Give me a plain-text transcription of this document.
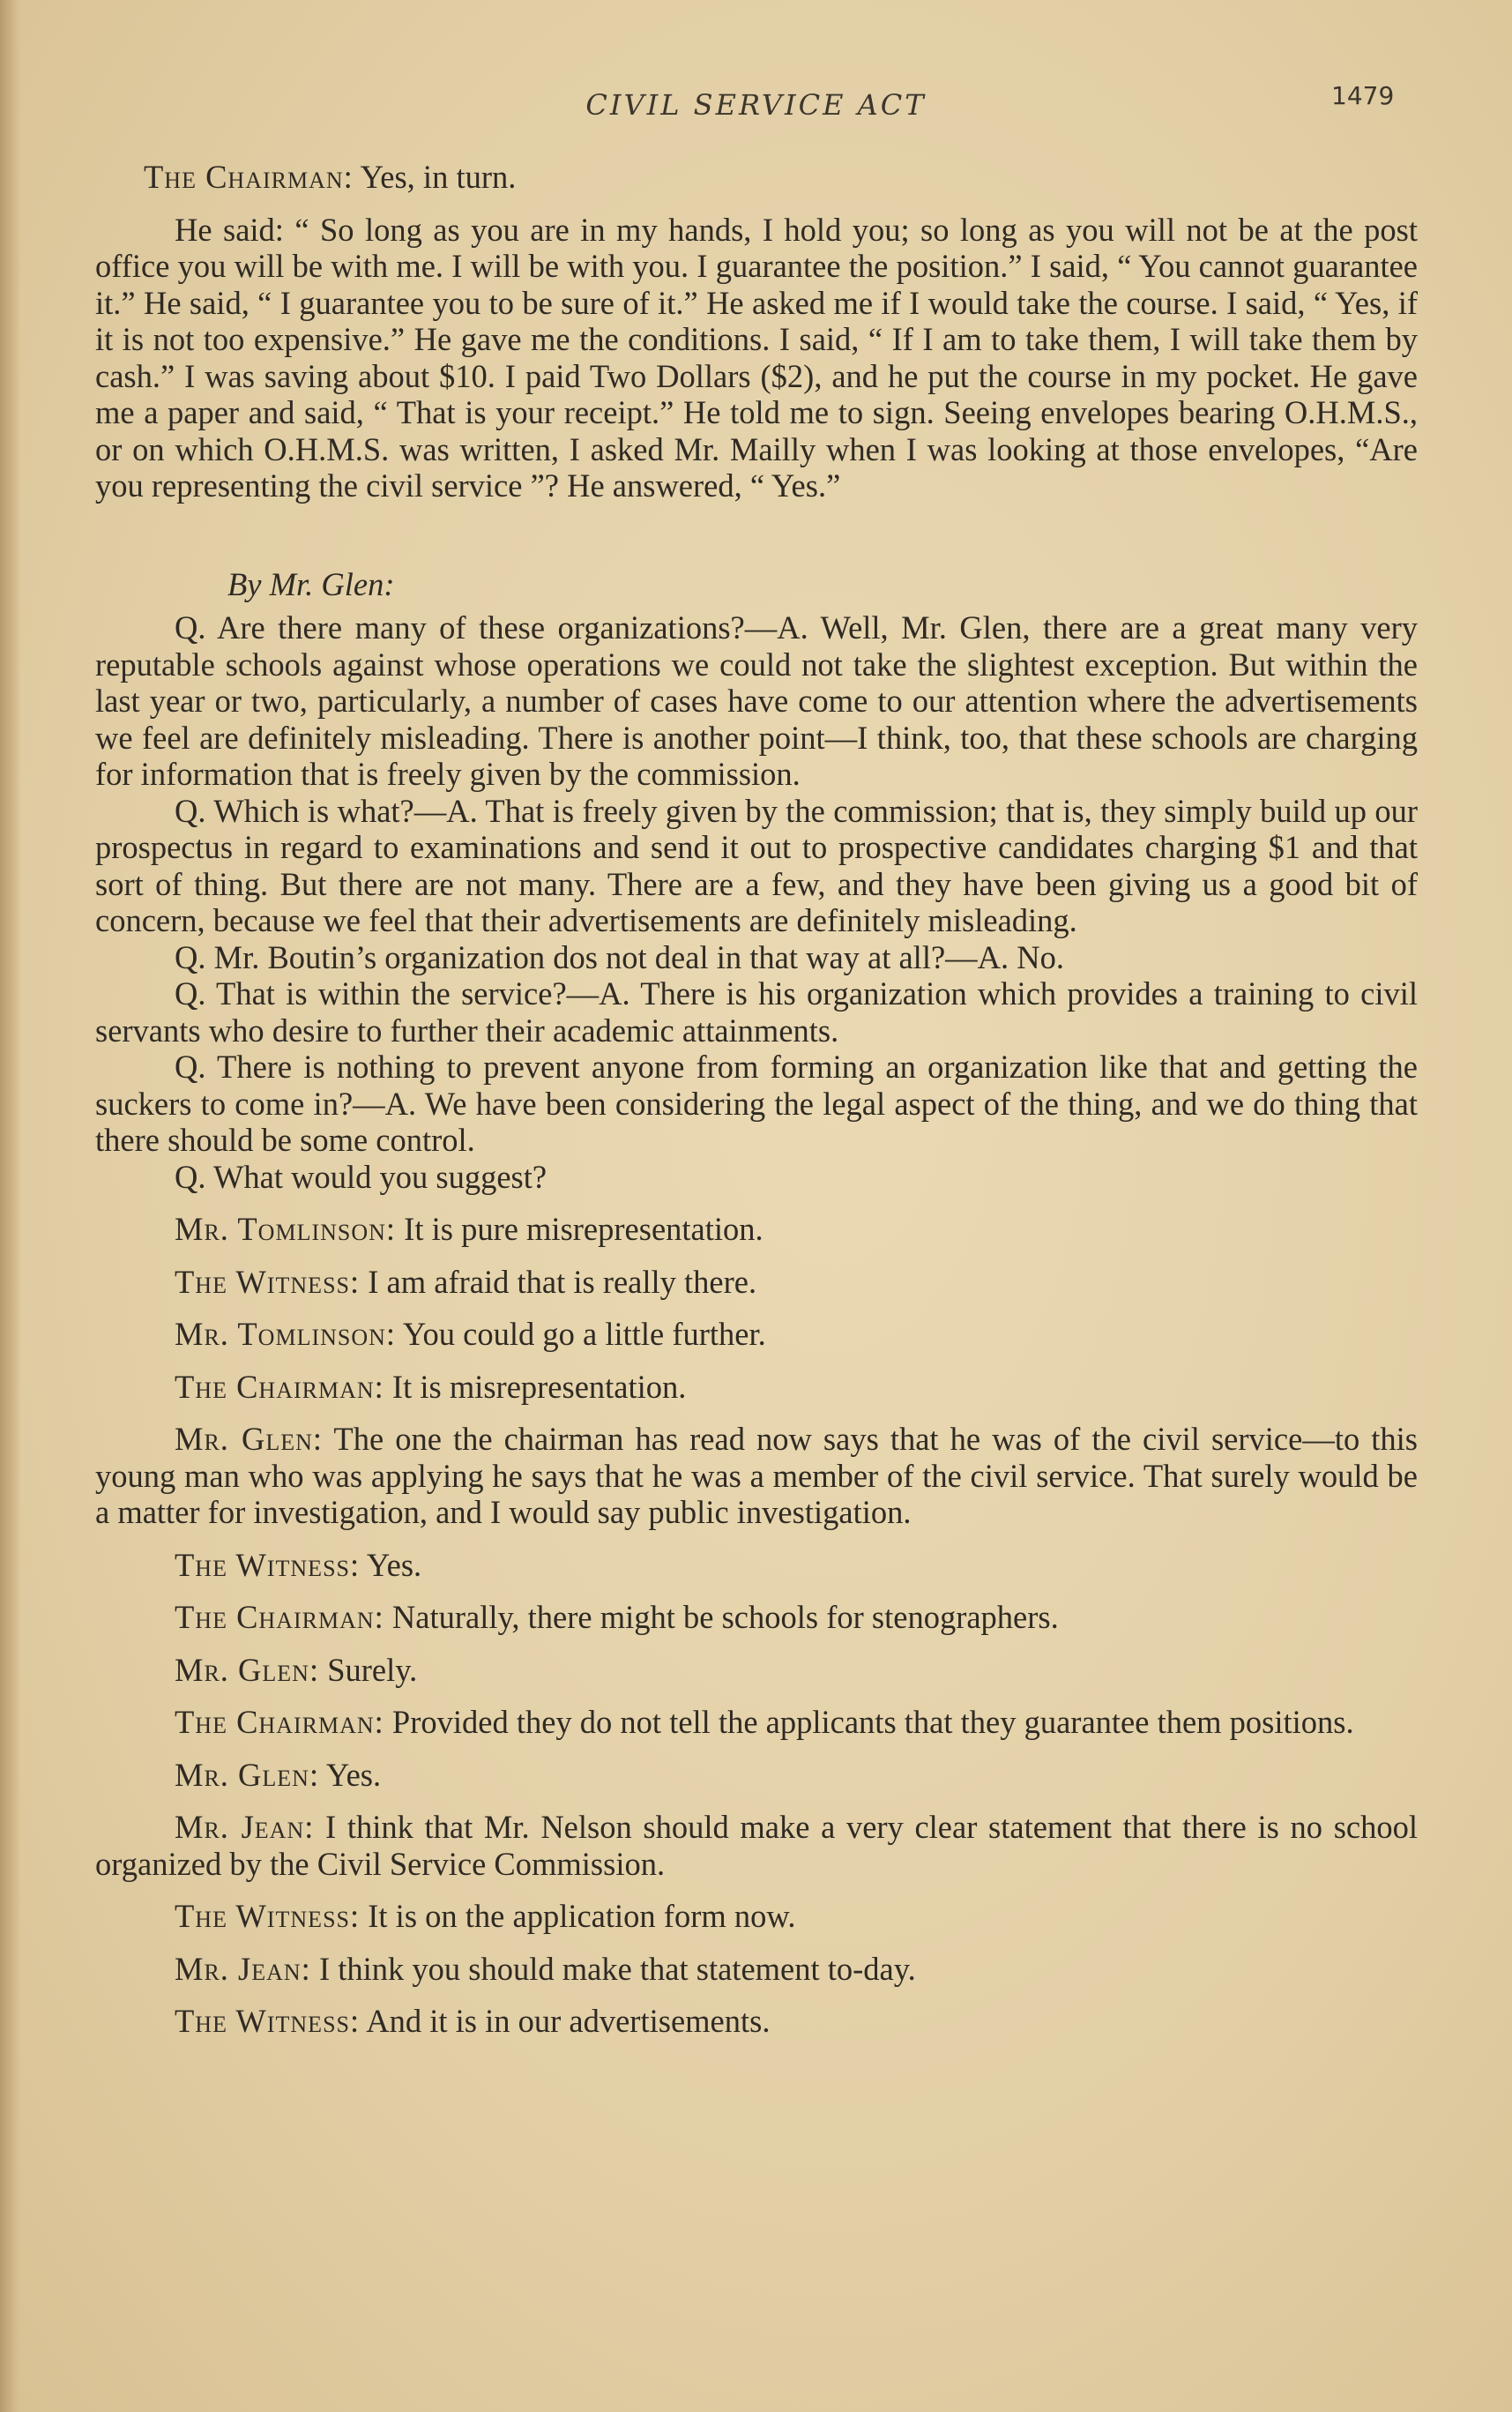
CIVIL SERVICE ACT	1479

The Chairman: Yes, in turn.

He said: “ So long as you are in my hands, I hold you; so long as you will not be at the post office you will be with me. I will be with you. I guarantee the position.” I said, “ You cannot guarantee it.” He said, “ I guarantee you to be sure of it.” He asked me if I would take the course. I said, “ Yes, if it is not too expensive.” He gave me the conditions. I said, “ If I am to take them, I will take them by cash.” I was saving about $10. I paid Two Dollars ($2), and he put the course in my pocket. He gave me a paper and said, “ That is your receipt.” He told me to sign. Seeing envelopes bearing O.H.M.S., or on which O.H.M.S. was written, I asked Mr. Mailly when I was looking at those envelopes, “Are you representing the civil service ”? He answered, “ Yes.”

By Mr. Glen:

Q. Are there many of these organizations?—A. Well, Mr. Glen, there are a great many very reputable schools against whose operations we could not take the slightest exception. But within the last year or two, particularly, a number of cases have come to our attention where the advertisements we feel are definitely misleading. There is another point—I think, too, that these schools are charging for information that is freely given by the commission.

Q. Which is what?—A. That is freely given by the commission; that is, they simply build up our prospectus in regard to examinations and send it out to prospective candidates charging $1 and that sort of thing. But there are not many. There are a few, and they have been giving us a good bit of concern, because we feel that their advertisements are definitely misleading.

Q. Mr. Boutin’s organization dos not deal in that way at all?—A. No.

Q. That is within the service?—A. There is his organization which provides a training to civil servants who desire to further their academic attainments.

Q. There is nothing to prevent anyone from forming an organization like that and getting the suckers to come in?—A. We have been considering the legal aspect of the thing, and we do thing that there should be some control.

Q. What would you suggest?

Mr. Tomlinson: It is pure misrepresentation.

The Witness: I am afraid that is really there.

Mr. Tomlinson: You could go a little further.

The Chairman: It is misrepresentation.

Mr. Glen: The one the chairman has read now says that he was of the civil service—to this young man who was applying he says that he was a member of the civil service. That surely would be a matter for investigation, and I would say public investigation.

The Witness: Yes.

The Chairman: Naturally, there might be schools for stenographers.

Mr. Glen: Surely.

The Chairman: Provided they do not tell the applicants that they guarantee them positions.

Mr. Glen: Yes.

Mr. Jean: I think that Mr. Nelson should make a very clear statement that there is no school organized by the Civil Service Commission.

The Witness: It is on the application form now.

Mr. Jean: I think you should make that statement to-day.

The Witness: And it is in our advertisements.
